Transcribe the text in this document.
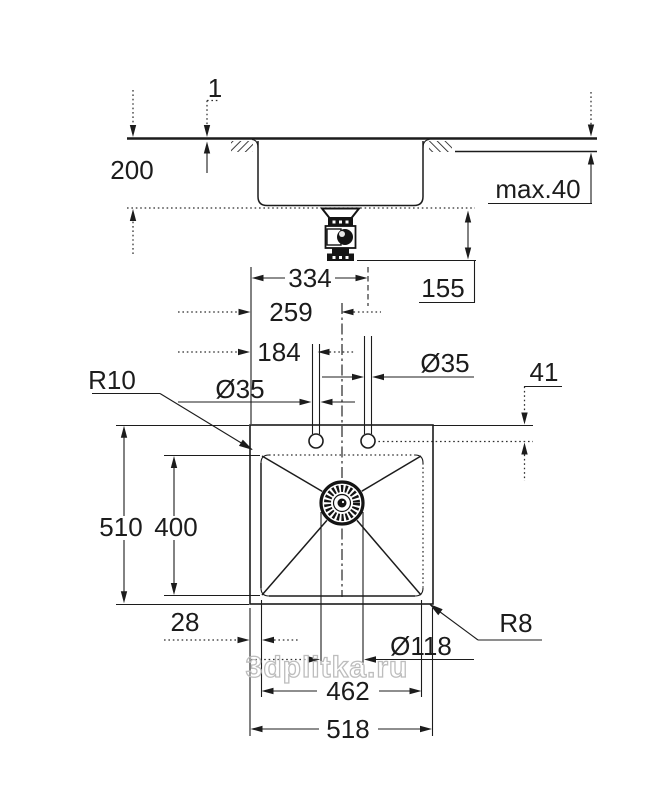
1
200
max.40
155
334
259
184
Ø35
Ø35 41
R10
R8
510 400
28
Ø118
462
518
3dplitka.ru
